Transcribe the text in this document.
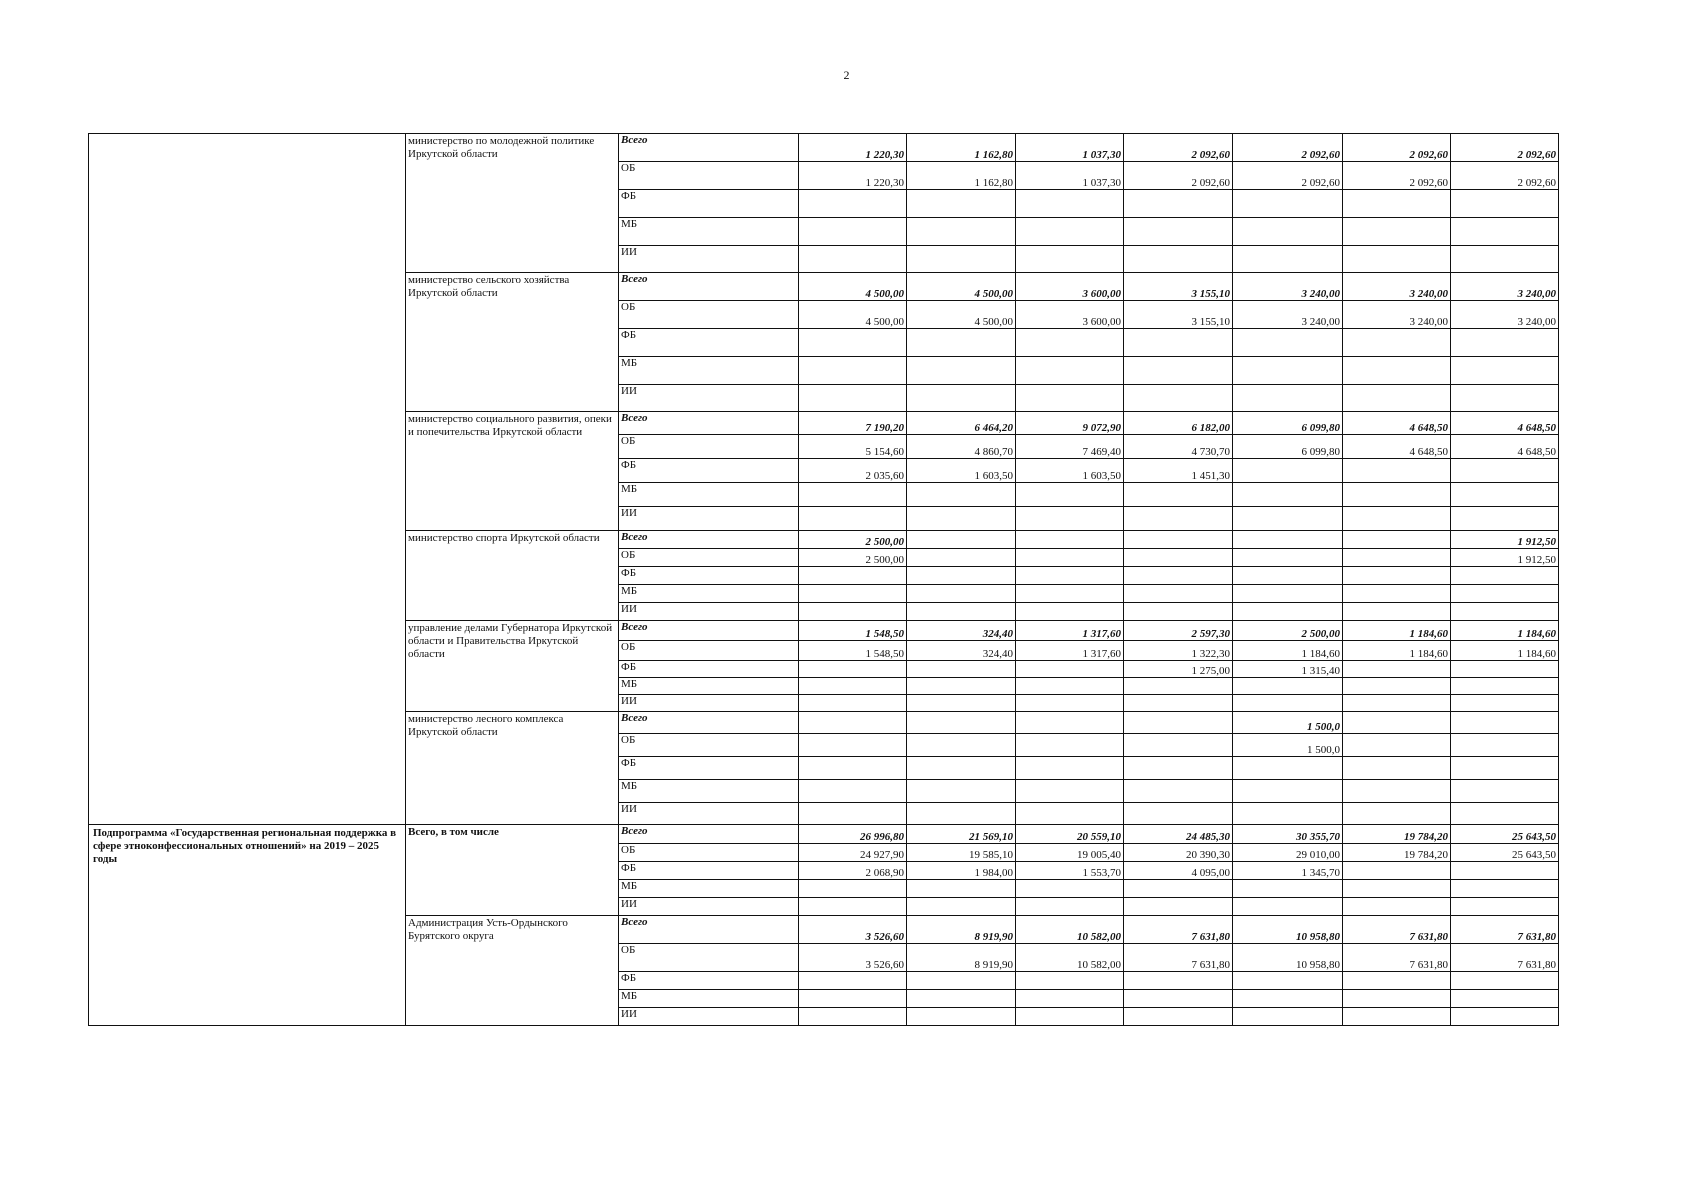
2
	министерство по молодежной политике Иркутской области	Всего	1 220,30	1 162,80	1 037,30	2 092,60	2 092,60	2 092,60	2 092,60
		ОБ	1 220,30	1 162,80	1 037,30	2 092,60	2 092,60	2 092,60	2 092,60
		ФБ							
		МБ							
		ИИ							
	министерство сельского хозяйства Иркутской области	Всего	4 500,00	4 500,00	3 600,00	3 155,10	3 240,00	3 240,00	3 240,00
		ОБ	4 500,00	4 500,00	3 600,00	3 155,10	3 240,00	3 240,00	3 240,00
		ФБ							
		МБ							
		ИИ							
	министерство социального развития, опеки и попечительства Иркутской области	Всего	7 190,20	6 464,20	9 072,90	6 182,00	6 099,80	4 648,50	4 648,50
		ОБ	5 154,60	4 860,70	7 469,40	4 730,70	6 099,80	4 648,50	4 648,50
		ФБ	2 035,60	1 603,50	1 603,50	1 451,30			
		МБ							
		ИИ							
	министерство спорта Иркутской области	Всего	2 500,00						1 912,50
		ОБ	2 500,00						1 912,50
		ФБ							
		МБ							
		ИИ							
	управление делами Губернатора Иркутской области и Правительства Иркутской области	Всего	1 548,50	324,40	1 317,60	2 597,30	2 500,00	1 184,60	1 184,60
		ОБ	1 548,50	324,40	1 317,60	1 322,30	1 184,60	1 184,60	1 184,60
		ФБ				1 275,00	1 315,40		
		МБ							
		ИИ							
	министерство лесного комплекса Иркутской области	Всего					1 500,0		
		ОБ					1 500,0		
		ФБ							
		МБ							
		ИИ							
Подпрограмма «Государственная региональная поддержка в сфере этноконфессиональных отношений» на 2019 – 2025 годы	Всего, в том числе	Всего	26 996,80	21 569,10	20 559,10	24 485,30	30 355,70	19 784,20	25 643,50
		ОБ	24 927,90	19 585,10	19 005,40	20 390,30	29 010,00	19 784,20	25 643,50
		ФБ	2 068,90	1 984,00	1 553,70	4 095,00	1 345,70		
		МБ							
		ИИ							
	Администрация Усть-Ордынского Бурятского округа	Всего	3 526,60	8 919,90	10 582,00	7 631,80	10 958,80	7 631,80	7 631,80
		ОБ	3 526,60	8 919,90	10 582,00	7 631,80	10 958,80	7 631,80	7 631,80
		ФБ							
		МБ							
		ИИ							
